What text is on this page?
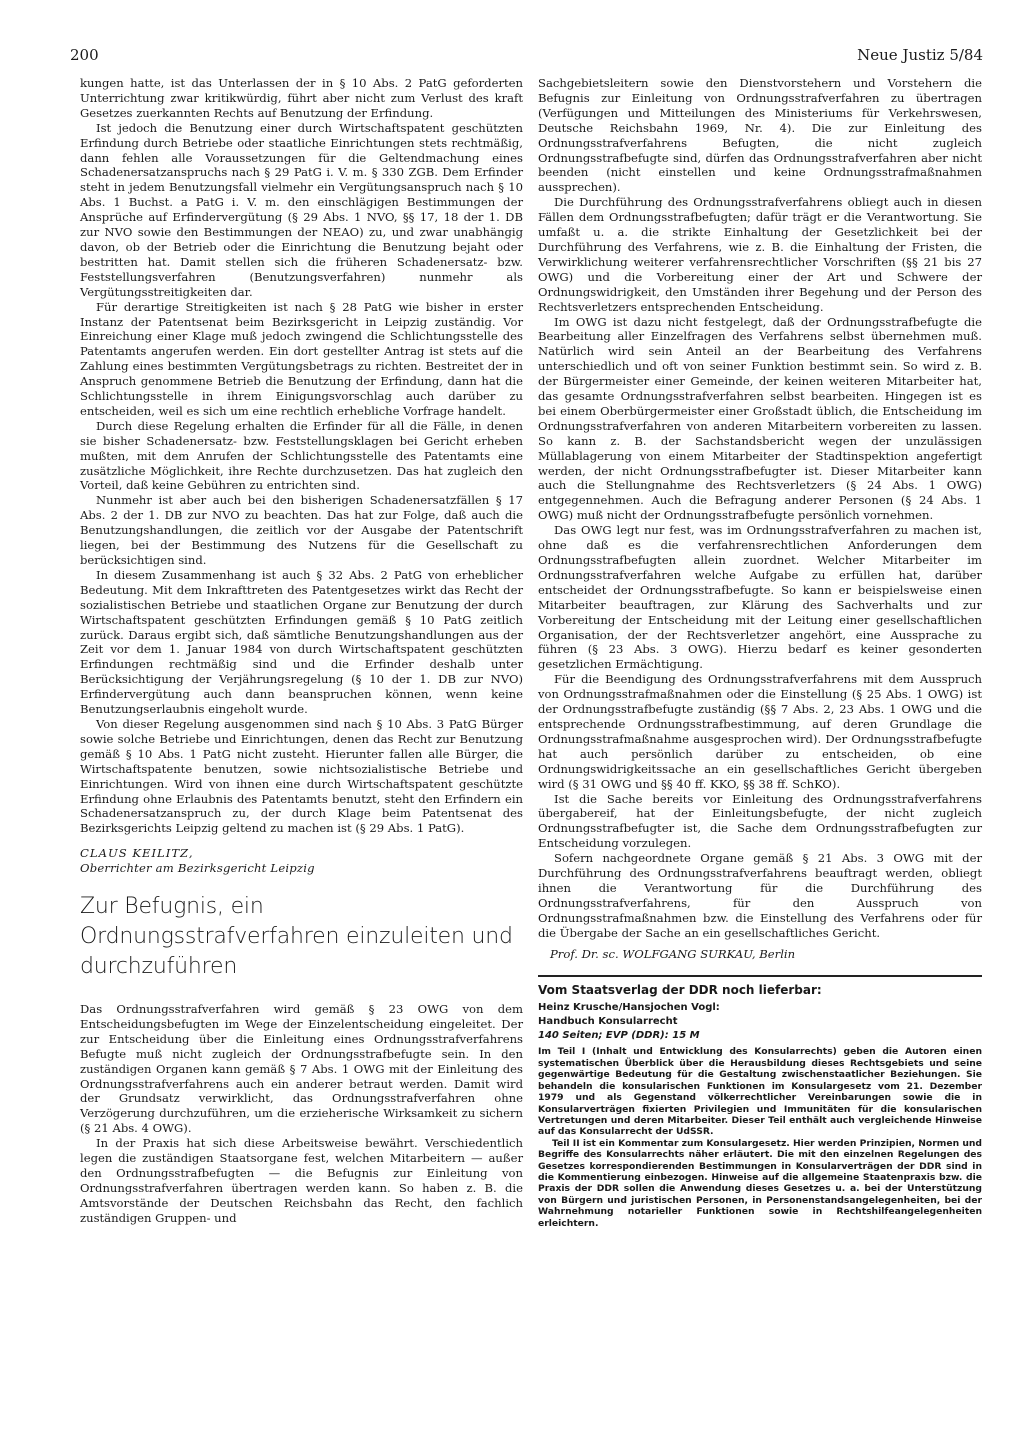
200	Neue Justiz 5/84

kungen hatte, ist das Unterlassen der in § 10 Abs. 2 PatG geforderten Unterrichtung zwar kritikwürdig, führt aber nicht zum Verlust des kraft Gesetzes zuerkannten Rechts auf Benutzung der Erfindung.

Ist jedoch die Benutzung einer durch Wirtschaftspatent geschützten Erfindung durch Betriebe oder staatliche Einrichtungen stets rechtmäßig, dann fehlen alle Voraussetzungen für die Geltendmachung eines Schadenersatzanspruchs nach § 29 PatG i. V. m. § 330 ZGB. Dem Erfinder steht in jedem Benutzungsfall vielmehr ein Vergütungsanspruch nach § 10 Abs. 1 Buchst. a PatG i. V. m. den einschlägigen Bestimmungen der Ansprüche auf Erfindervergütung (§ 29 Abs. 1 NVO, §§ 17, 18 der 1. DB zur NVO sowie den Bestimmungen der NEAO) zu, und zwar unabhängig davon, ob der Betrieb oder die Einrichtung die Benutzung bejaht oder bestritten hat. Damit stellen sich die früheren Schadenersatz- bzw. Feststellungsverfahren (Benutzungsverfahren) nunmehr als Vergütungsstreitigkeiten dar.

Für derartige Streitigkeiten ist nach § 28 PatG wie bisher in erster Instanz der Patentsenat beim Bezirksgericht in Leipzig zuständig. Vor Einreichung einer Klage muß jedoch zwingend die Schlichtungsstelle des Patentamts angerufen werden. Ein dort gestellter Antrag ist stets auf die Zahlung eines bestimmten Vergütungsbetrags zu richten. Bestreitet der in Anspruch genommene Betrieb die Benutzung der Erfindung, dann hat die Schlichtungsstelle in ihrem Einigungsvorschlag auch darüber zu entscheiden, weil es sich um eine rechtlich erhebliche Vorfrage handelt.

Durch diese Regelung erhalten die Erfinder für all die Fälle, in denen sie bisher Schadenersatz- bzw. Feststellungsklagen bei Gericht erheben mußten, mit dem Anrufen der Schlichtungsstelle des Patentamts eine zusätzliche Möglichkeit, ihre Rechte durchzusetzen. Das hat zugleich den Vorteil, daß keine Gebühren zu entrichten sind.

Nunmehr ist aber auch bei den bisherigen Schadenersatzfällen § 17 Abs. 2 der 1. DB zur NVO zu beachten. Das hat zur Folge, daß auch die Benutzungshandlungen, die zeitlich vor der Ausgabe der Patentschrift liegen, bei der Bestimmung des Nutzens für die Gesellschaft zu berücksichtigen sind.

In diesem Zusammenhang ist auch § 32 Abs. 2 PatG von erheblicher Bedeutung. Mit dem Inkrafttreten des Patentgesetzes wirkt das Recht der sozialistischen Betriebe und staatlichen Organe zur Benutzung der durch Wirtschaftspatent geschützten Erfindungen gemäß § 10 PatG zeitlich zurück. Daraus ergibt sich, daß sämtliche Benutzungshandlungen aus der Zeit vor dem 1. Januar 1984 von durch Wirtschaftspatent geschützten Erfindungen rechtmäßig sind und die Erfinder deshalb unter Berücksichtigung der Verjährungsregelung (§ 10 der 1. DB zur NVO) Erfindervergütung auch dann beanspruchen können, wenn keine Benutzungserlaubnis eingeholt wurde.

Von dieser Regelung ausgenommen sind nach § 10 Abs. 3 PatG Bürger sowie solche Betriebe und Einrichtungen, denen das Recht zur Benutzung gemäß § 10 Abs. 1 PatG nicht zusteht. Hierunter fallen alle Bürger, die Wirtschaftspatente benutzen, sowie nichtsozialistische Betriebe und Einrichtungen. Wird von ihnen eine durch Wirtschaftspatent geschützte Erfindung ohne Erlaubnis des Patentamts benutzt, steht den Erfindern ein Schadenersatzanspruch zu, der durch Klage beim Patentsenat des Bezirksgerichts Leipzig geltend zu machen ist (§ 29 Abs. 1 PatG).

CLAUS KEILITZ,
Oberrichter am Bezirksgericht Leipzig
Zur Befugnis, ein Ordnungsstrafverfahren einzuleiten und durchzuführen

Das Ordnungsstrafverfahren wird gemäß § 23 OWG von dem Entscheidungsbefugten im Wege der Einzelentscheidung eingeleitet. Der zur Entscheidung über die Einleitung eines Ordnungsstrafverfahrens Befugte muß nicht zugleich der Ordnungsstrafbefugte sein. In den zuständigen Organen kann gemäß § 7 Abs. 1 OWG mit der Einleitung des Ordnungsstrafverfahrens auch ein anderer betraut werden. Damit wird der Grundsatz verwirklicht, das Ordnungsstrafverfahren ohne Verzögerung durchzuführen, um die erzieherische Wirksamkeit zu sichern (§ 21 Abs. 4 OWG).

In der Praxis hat sich diese Arbeitsweise bewährt. Verschiedentlich legen die zuständigen Staatsorgane fest, welchen Mitarbeitern — außer den Ordnungsstrafbefugten — die Befugnis zur Einleitung von Ordnungsstrafverfahren übertragen werden kann. So haben z. B. die Amtsvorstände der Deutschen Reichsbahn das Recht, den fachlich zuständigen Gruppen- und

Sachgebietsleitern sowie den Dienstvorstehern und Vorstehern die Befugnis zur Einleitung von Ordnungsstrafverfahren zu übertragen (Verfügungen und Mitteilungen des Ministeriums für Verkehrswesen, Deutsche Reichsbahn 1969, Nr. 4). Die zur Einleitung des Ordnungsstrafverfahrens Befugten, die nicht zugleich Ordnungsstrafbefugte sind, dürfen das Ordnungsstrafverfahren aber nicht beenden (nicht einstellen und keine Ordnungsstrafmaßnahmen aussprechen).

Die Durchführung des Ordnungsstrafverfahrens obliegt auch in diesen Fällen dem Ordnungsstrafbefugten; dafür trägt er die Verantwortung. Sie umfaßt u. a. die strikte Einhaltung der Gesetzlichkeit bei der Durchführung des Verfahrens, wie z. B. die Einhaltung der Fristen, die Verwirklichung weiterer verfahrensrechtlicher Vorschriften (§§ 21 bis 27 OWG) und die Vorbereitung einer der Art und Schwere der Ordnungswidrigkeit, den Umständen ihrer Begehung und der Person des Rechtsverletzers entsprechenden Entscheidung.

Im OWG ist dazu nicht festgelegt, daß der Ordnungsstrafbefugte die Bearbeitung aller Einzelfragen des Verfahrens selbst übernehmen muß. Natürlich wird sein Anteil an der Bearbeitung des Verfahrens unterschiedlich und oft von seiner Funktion bestimmt sein. So wird z. B. der Bürgermeister einer Gemeinde, der keinen weiteren Mitarbeiter hat, das gesamte Ordnungsstrafverfahren selbst bearbeiten. Hingegen ist es bei einem Oberbürgermeister einer Großstadt üblich, die Entscheidung im Ordnungsstrafverfahren von anderen Mitarbeitern vorbereiten zu lassen. So kann z. B. der Sachstandsbericht wegen der unzulässigen Müllablagerung von einem Mitarbeiter der Stadtinspektion angefertigt werden, der nicht Ordnungsstrafbefugter ist. Dieser Mitarbeiter kann auch die Stellungnahme des Rechtsverletzers (§ 24 Abs. 1 OWG) entgegennehmen. Auch die Befragung anderer Personen (§ 24 Abs. 1 OWG) muß nicht der Ordnungsstrafbefugte persönlich vornehmen.

Das OWG legt nur fest, was im Ordnungsstrafverfahren zu machen ist, ohne daß es die verfahrensrechtlichen Anforderungen dem Ordnungsstrafbefugten allein zuordnet. Welcher Mitarbeiter im Ordnungsstrafverfahren welche Aufgabe zu erfüllen hat, darüber entscheidet der Ordnungsstrafbefugte. So kann er beispielsweise einen Mitarbeiter beauftragen, zur Klärung des Sachverhalts und zur Vorbereitung der Entscheidung mit der Leitung einer gesellschaftlichen Organisation, der der Rechtsverletzer angehört, eine Aussprache zu führen (§ 23 Abs. 3 OWG). Hierzu bedarf es keiner gesonderten gesetzlichen Ermächtigung.

Für die Beendigung des Ordnungsstrafverfahrens mit dem Ausspruch von Ordnungsstrafmaßnahmen oder die Einstellung (§ 25 Abs. 1 OWG) ist der Ordnungsstrafbefugte zuständig (§§ 7 Abs. 2, 23 Abs. 1 OWG und die entsprechende Ordnungsstrafbestimmung, auf deren Grundlage die Ordnungsstrafmaßnahme ausgesprochen wird). Der Ordnungsstrafbefugte hat auch persönlich darüber zu entscheiden, ob eine Ordnungswidrigkeitssache an ein gesellschaftliches Gericht übergeben wird (§ 31 OWG und §§ 40 ff. KKO, §§ 38 ff. SchKO).

Ist die Sache bereits vor Einleitung des Ordnungsstrafverfahrens übergabereif, hat der Einleitungsbefugte, der nicht zugleich Ordnungsstrafbefugter ist, die Sache dem Ordnungsstrafbefugten zur Entscheidung vorzulegen.

Sofern nachgeordnete Organe gemäß § 21 Abs. 3 OWG mit der Durchführung des Ordnungsstrafverfahrens beauftragt werden, obliegt ihnen die Verantwortung für die Durchführung des Ordnungsstrafverfahrens, für den Ausspruch von Ordnungsstrafmaßnahmen bzw. die Einstellung des Verfahrens oder für die Übergabe der Sache an ein gesellschaftliches Gericht.

Prof. Dr. sc. WOLFGANG SURKAU, Berlin
Vom Staatsverlag der DDR noch lieferbar:
Heinz Krusche/Hansjochen Vogl:
Handbuch Konsularrecht
140 Seiten; EVP (DDR): 15 M

Im Teil I (Inhalt und Entwicklung des Konsularrechts) geben die Autoren einen systematischen Überblick über die Herausbildung dieses Rechtsgebiets und seine gegenwärtige Bedeutung für die Gestaltung zwischenstaatlicher Beziehungen. Sie behandeln die konsularischen Funktionen im Konsulargesetz vom 21. Dezember 1979 und als Gegenstand völkerrechtlicher Vereinbarungen sowie die in Konsularverträgen fixierten Privilegien und Immunitäten für die konsularischen Vertretungen und deren Mitarbeiter. Dieser Teil enthält auch vergleichende Hinweise auf das Konsularrecht der UdSSR.

Teil II ist ein Kommentar zum Konsulargesetz. Hier werden Prinzipien, Normen und Begriffe des Konsularrechts näher erläutert. Die mit den einzelnen Regelungen des Gesetzes korrespondierenden Bestimmungen in Konsularverträgen der DDR sind in die Kommentierung einbezogen. Hinweise auf die allgemeine Staatenpraxis bzw. die Praxis der DDR sollen die Anwendung dieses Gesetzes u. a. bei der Unterstützung von Bürgern und juristischen Personen, in Personenstandsangelegenheiten, bei der Wahrnehmung notarieller Funktionen sowie in Rechtshilfeangelegenheiten erleichtern.
